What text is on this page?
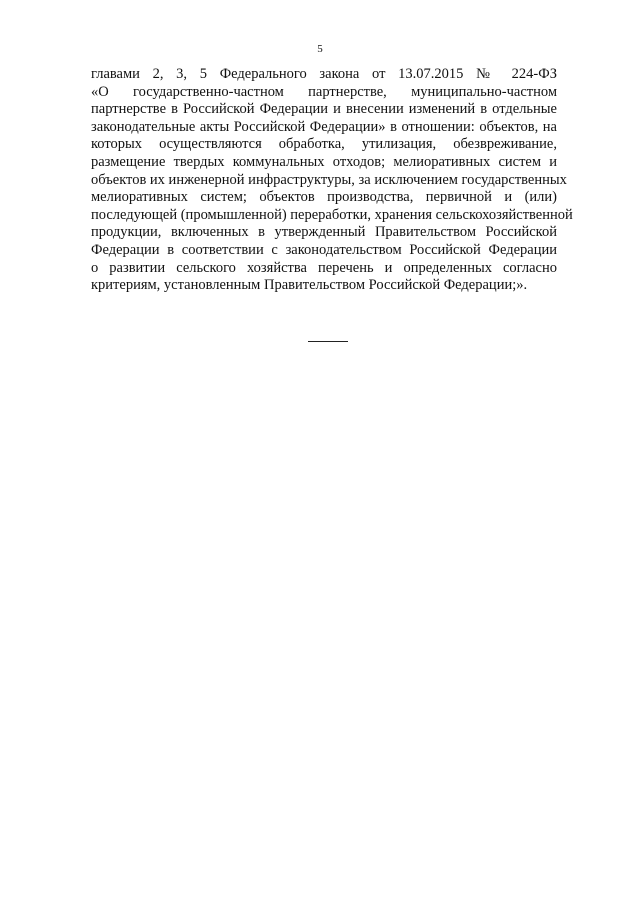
5
главами 2, 3, 5 Федерального закона от 13.07.2015 № 224-ФЗ
«О государственно-частном партнерстве, муниципально-частном
партнерстве в Российской Федерации и внесении изменений в отдельные
законодательные акты Российской Федерации» в отношении: объектов, на
которых осуществляются обработка, утилизация, обезвреживание,
размещение твердых коммунальных отходов; мелиоративных систем и
объектов их инженерной инфраструктуры, за исключением государственных
мелиоративных систем; объектов производства, первичной и (или)
последующей (промышленной) переработки, хранения сельскохозяйственной
продукции, включенных в утвержденный Правительством Российской
Федерации в соответствии с законодательством Российской Федерации
о развитии сельского хозяйства перечень и определенных согласно
критериям, установленным Правительством Российской Федерации;».
